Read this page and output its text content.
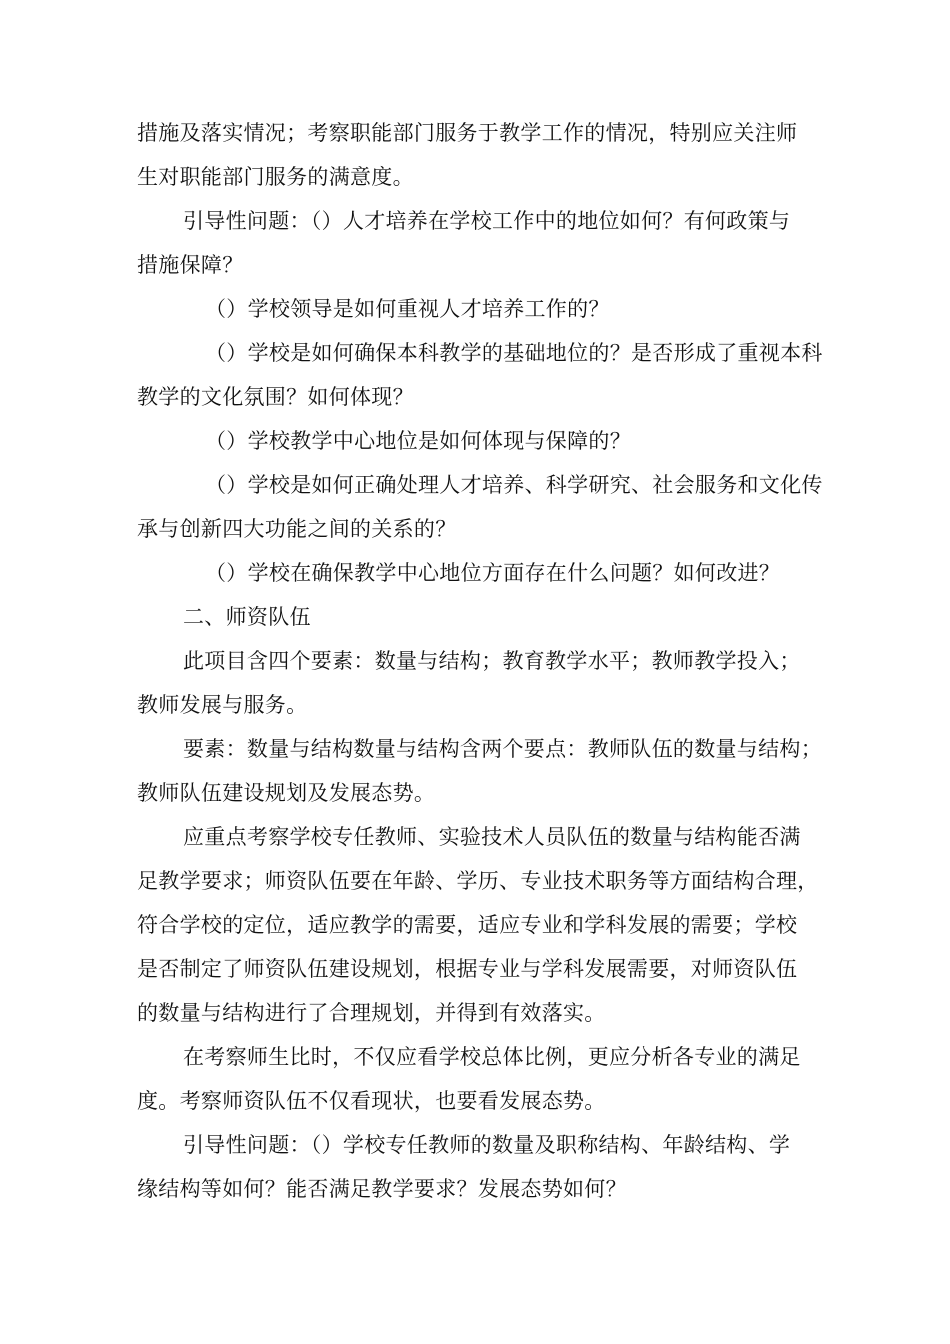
措施及落实情况；考察职能部门服务于教学工作的情况，特别应关注师
生对职能部门服务的满意度。
引导性问题：（）人才培养在学校工作中的地位如何？有何政策与
措施保障？
（）学校领导是如何重视人才培养工作的？
（）学校是如何确保本科教学的基础地位的？是否形成了重视本科
教学的文化氛围？如何体现？
（）学校教学中心地位是如何体现与保障的？
（）学校是如何正确处理人才培养、科学研究、社会服务和文化传
承与创新四大功能之间的关系的？
（）学校在确保教学中心地位方面存在什么问题？如何改进？
二、师资队伍
此项目含四个要素：数量与结构；教育教学水平；教师教学投入；
教师发展与服务。
要素：数量与结构数量与结构含两个要点：教师队伍的数量与结构；
教师队伍建设规划及发展态势。
应重点考察学校专任教师、实验技术人员队伍的数量与结构能否满
足教学要求；师资队伍要在年龄、学历、专业技术职务等方面结构合理，
符合学校的定位，适应教学的需要，适应专业和学科发展的需要；学校
是否制定了师资队伍建设规划，根据专业与学科发展需要，对师资队伍
的数量与结构进行了合理规划，并得到有效落实。
在考察师生比时，不仅应看学校总体比例，更应分析各专业的满足
度。考察师资队伍不仅看现状，也要看发展态势。
引导性问题：（）学校专任教师的数量及职称结构、年龄结构、学
缘结构等如何？能否满足教学要求？发展态势如何？
